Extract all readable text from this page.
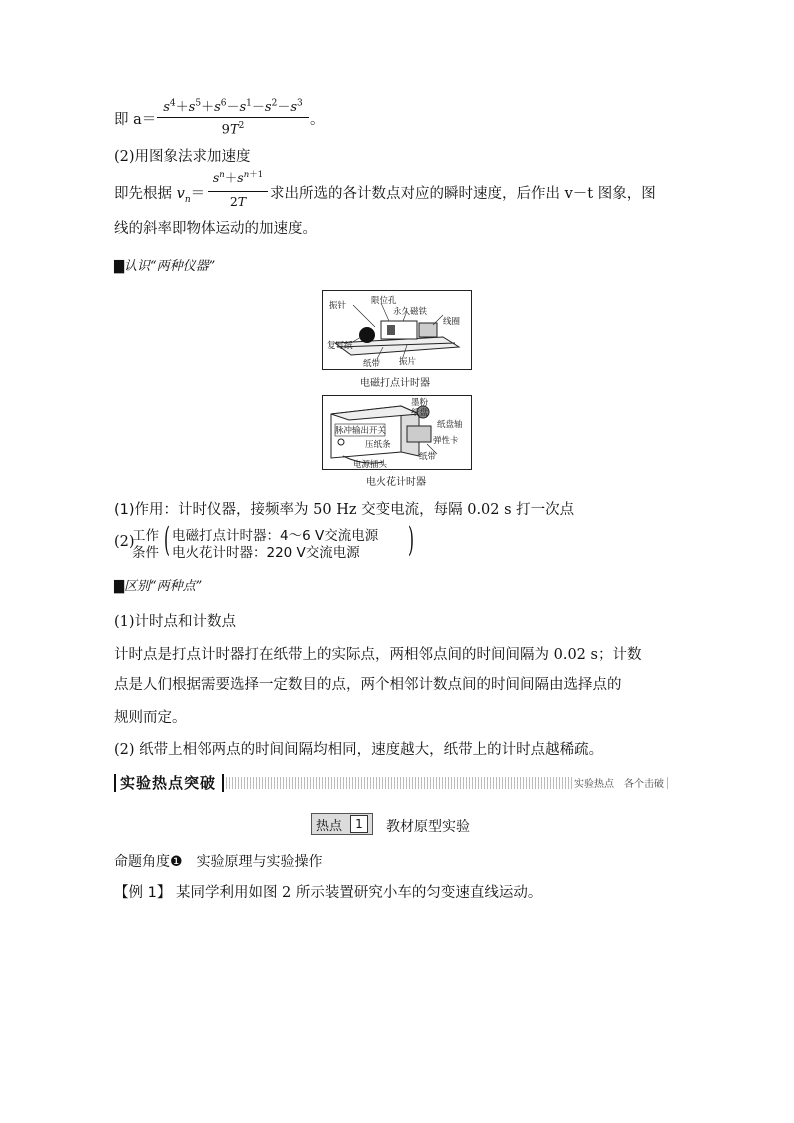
即 a＝
$s^4+s^5+s^6-s^1-s^2-s^3$
$9T^2$	。
(2)用图象法求加速度
即先根据 $v_n=$
$s^n+s^{n+1}$
2T	求出所选的各计数点对应的瞬时速度，后作出 v－t 图象，图
线的斜率即物体运动的加速度。
▇认识“两种仪器”
振针	限位孔
永久磁铁
线圈
复写纸
纸带 振片
电磁打点计时器
墨粉
纸盘
纸盘轴
脉冲输出开关
压纸条	弹性卡
纸带
电源插头
电火花计时器
(1)作用：计时仪器，接频率为 50 Hz 交变电流，每隔 0.02 s 打一次点
(2)
工作
条件 ( 电磁打点计时器：4～6 V交流电源
电火花计时器：220 V交流电源 )
▇区别“两种点”
(1)计时点和计数点
计时点是打点计时器打在纸带上的实际点，两相邻点间的时间间隔为 0.02 s；计数
点是人们根据需要选择一定数目的点，两个相邻计数点间的时间间隔由选择点的
规则而定。
(2) 纸带上相邻两点的时间间隔均相同，速度越大，纸带上的计时点越稀疏。
实验热点突破	实验热点　各个击破
热点	1	教材原型实验
命题角度❶　 实验原理与实验操作
【例 1】 某同学利用如图 2 所示装置研究小车的匀变速直线运动。
